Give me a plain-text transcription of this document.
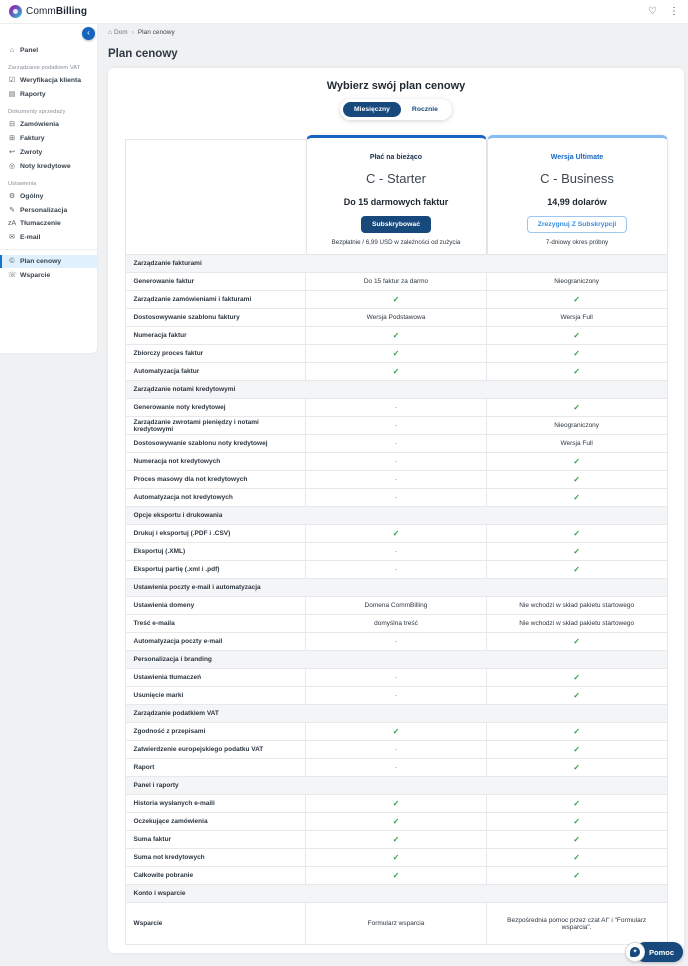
CommBilling	♡ ⋮
‹
⌂ Panel
Zarządzanie podatkiem VAT
☑ Weryfikacja klienta
▤ Raporty
Dokumenty sprzedaży
⊟ Zamówienia
⊞ Faktury
↩ Zwroty
◎ Noty kredytowe
Ustawienia
⚙ Ogólny
✎ Personalizacja
zA Tłumaczenie
✉ E-mail
© Plan cenowy
☏ Wsparcie
⌂ Dom › Plan cenowy
Plan cenowy
Wybierz swój plan cenowy
Miesięczny	Rocznie
Płać na bieżąco
C - Starter
Do 15 darmowych faktur
Subskrybować
Bezpłatnie / 6,99 USD w zależności od zużycia
Wersja Ultimate
C - Business
14,99 dolarów
Zrezygnuj Z Subskrypcji
7-dniowy okres próbny
Zarządzanie fakturami		
Generowanie faktur	Do 15 faktur za darmo	Nieograniczony
Zarządzanie zamówieniami i fakturami	✓	✓
Dostosowywanie szablonu faktury	Wersja Podstawowa	Wersja Full
Numeracja faktur	✓	✓
Zbiorczy proces faktur	✓	✓
Automatyzacja faktur	✓	✓
Zarządzanie notami kredytowymi		
Generowanie noty kredytowej	-	✓
Zarządzanie zwrotami pieniędzy i notami kredytowymi	-	Nieograniczony
Dostosowywanie szablonu noty kredytowej	-	Wersja Full
Numeracja not kredytowych	-	✓
Proces masowy dla not kredytowych	-	✓
Automatyzacja not kredytowych	-	✓
Opcje eksportu i drukowania		
Drukuj i eksportuj (.PDF i .CSV)	✓	✓
Eksportuj (.XML)	-	✓
Eksportuj partię (.xml i .pdf)	-	✓
Ustawienia poczty e-mail i automatyzacja		
Ustawienia domeny	Domena CommBilling	Nie wchodzi w skład pakietu startowego
Treść e-maila	domyślna treść	Nie wchodzi w skład pakietu startowego
Automatyzacja poczty e-mail	-	✓
Personalizacja i branding		
Ustawienia tłumaczeń	-	✓
Usunięcie marki	-	✓
Zarządzanie podatkiem VAT		
Zgodność z przepisami	✓	✓
Zatwierdzenie europejskiego podatku VAT	-	✓
Raport	-	✓
Panel i raporty		
Historia wysłanych e-maili	✓	✓
Oczekujące zamówienia	✓	✓
Suma faktur	✓	✓
Suma not kredytowych	✓	✓
Całkowite pobranie	✓	✓
Konto i wsparcie		
Wsparcie	Formularz wsparcia	Bezpośrednia pomoc przez czat AI" i "Formularz wsparcia".
✦	Pomoc
